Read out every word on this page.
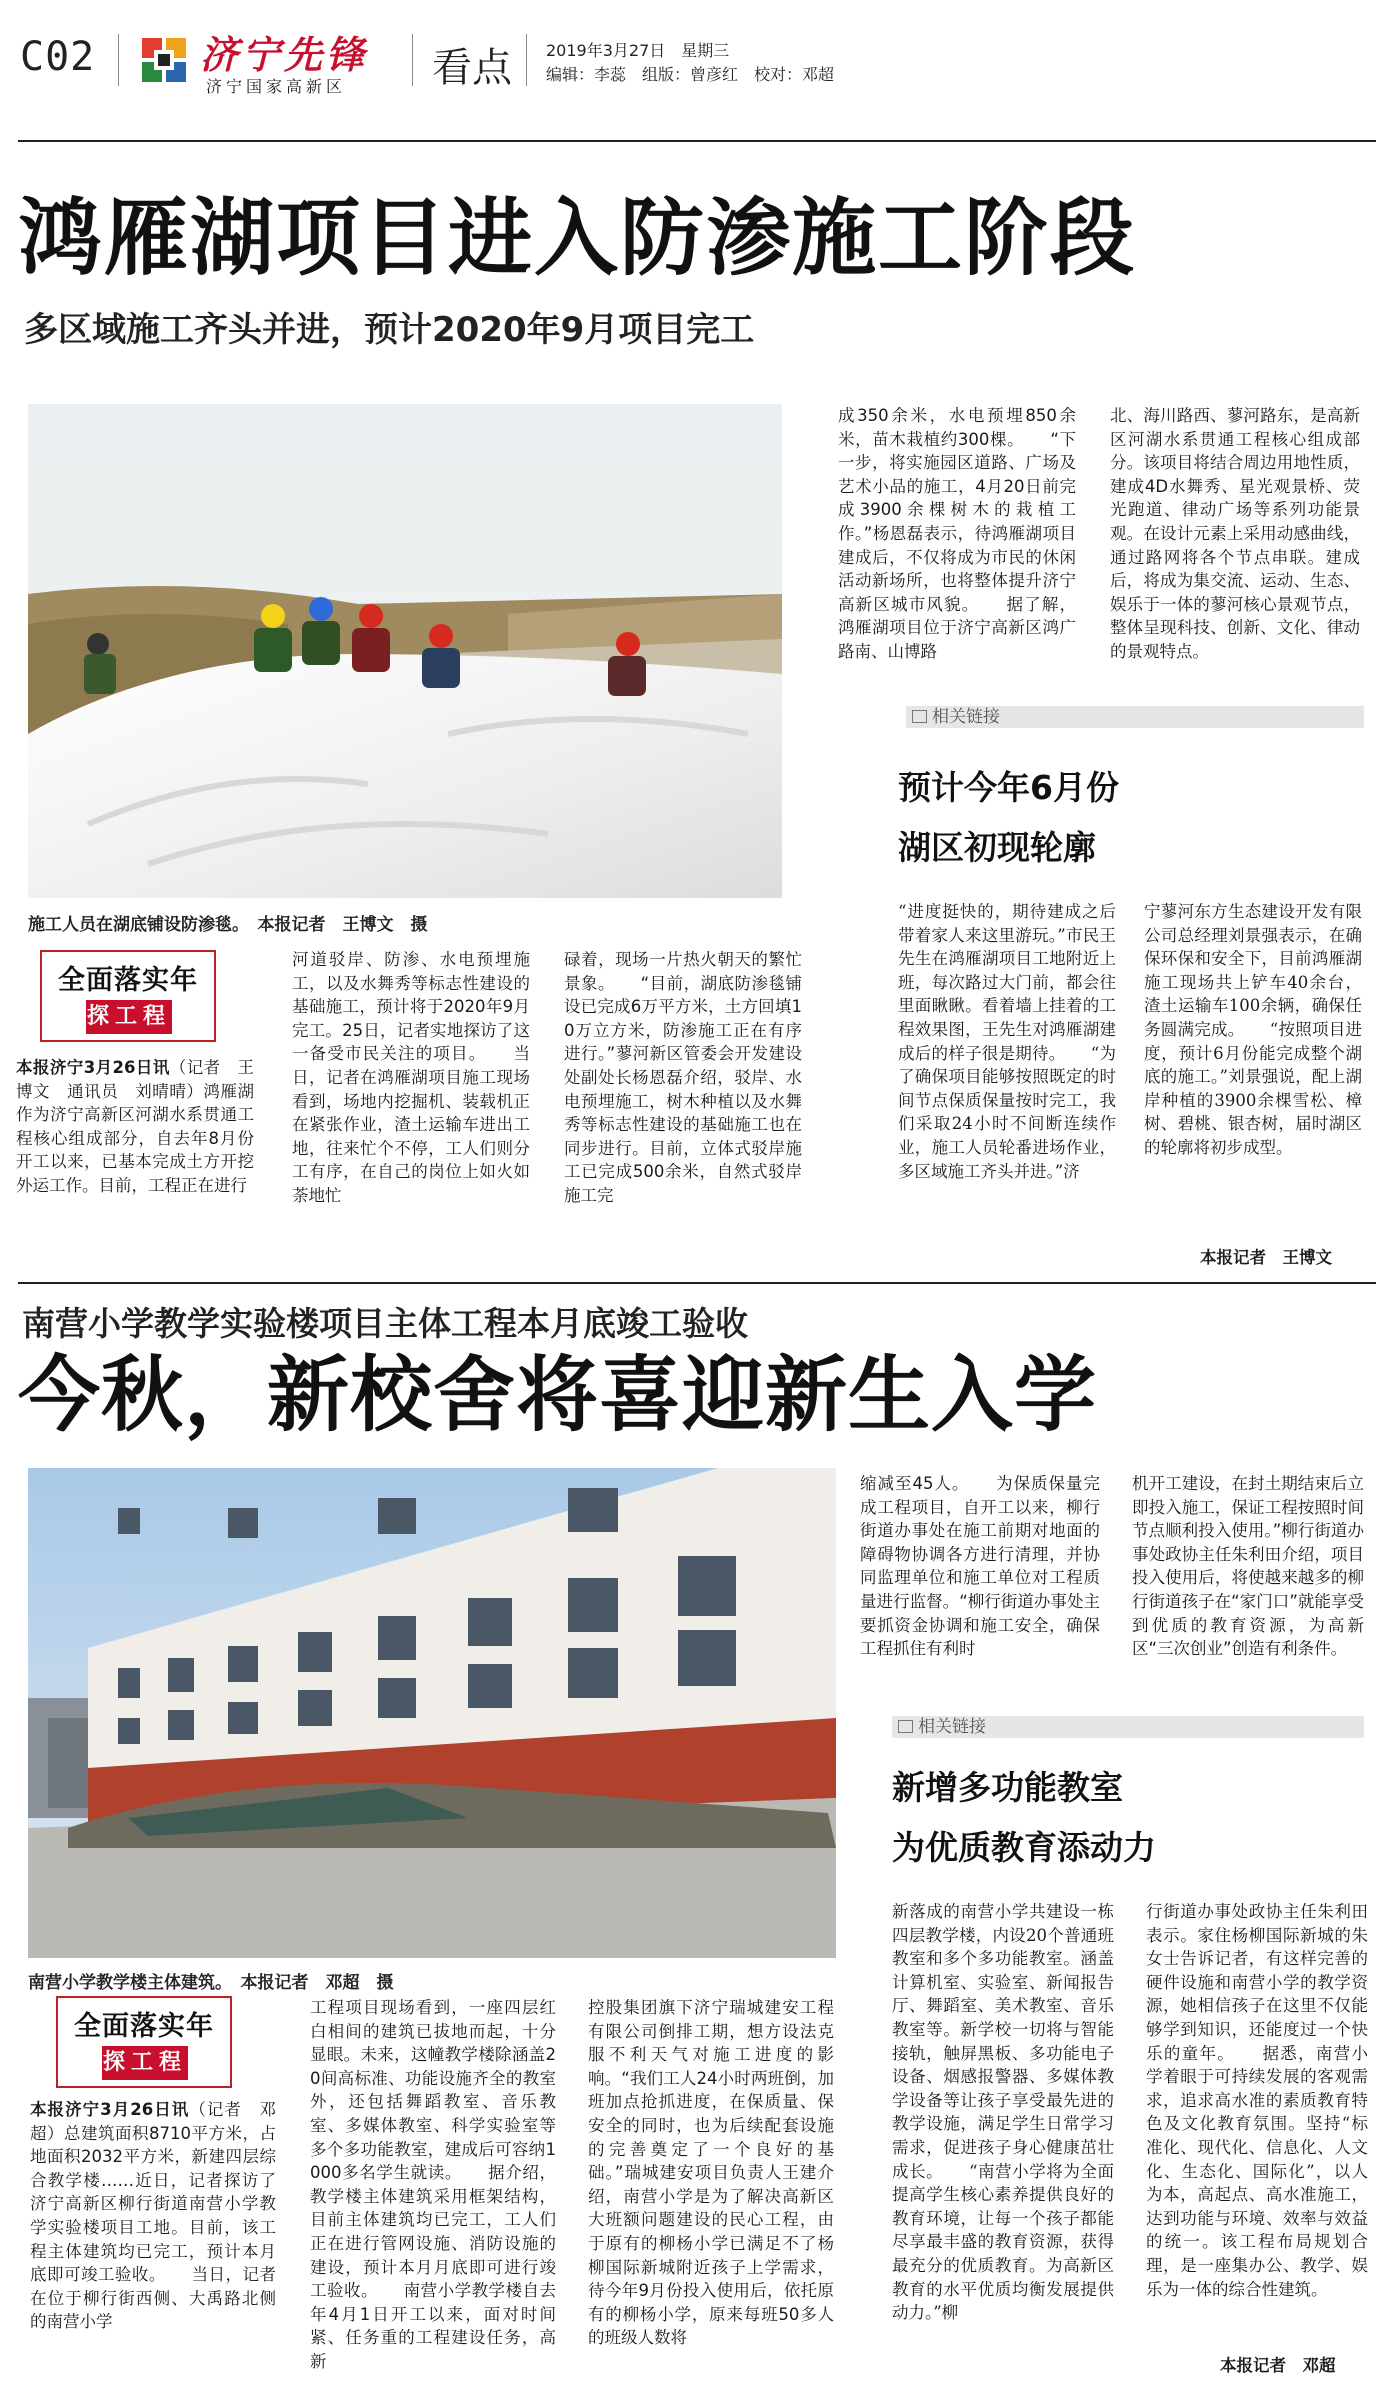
C02	济宁先锋
济宁国家高新区 看点 2019年3月27日　星期三
编辑：李蕊　组版：曾彦红　校对：邓超
鸿雁湖项目进入防渗施工阶段
多区域施工齐头并进，预计2020年9月项目完工
施工人员在湖底铺设防渗毯。　本报记者　王博文　摄
全面落实年
探工程
本报济宁3月26日讯（记者　王博文　通讯员　刘晴晴）鸿雁湖作为济宁高新区河湖水系贯通工程核心组成部分，自去年8月份开工以来，已基本完成土方开挖外运工作。目前，工程正在进行
河道驳岸、防渗、水电预埋施工，以及水舞秀等标志性建设的基础施工，预计将于2020年9月完工。25日，记者实地探访了这一备受市民关注的项目。　　当日，记者在鸿雁湖项目施工现场看到，场地内挖掘机、装载机正在紧张作业，渣土运输车进出工地，往来忙个不停，工人们则分工有序，在自己的岗位上如火如荼地忙
碌着，现场一片热火朝天的繁忙景象。　　“目前，湖底防渗毯铺设已完成6万平方米，土方回填10万立方米，防渗施工正在有序进行。”蓼河新区管委会开发建设处副处长杨恩磊介绍，驳岸、水电预埋施工，树木种植以及水舞秀等标志性建设的基础施工也在同步进行。目前，立体式驳岸施工已完成500余米，自然式驳岸施工完
成350余米，水电预埋850余米，苗木栽植约300棵。　　“下一步，将实施园区道路、广场及艺术小品的施工，4月20日前完成3900余棵树木的栽植工作。”杨恩磊表示，待鸿雁湖项目建成后，不仅将成为市民的休闲活动新场所，也将整体提升济宁高新区城市风貌。　　据了解，鸿雁湖项目位于济宁高新区鸿广路南、山博路
北、海川路西、蓼河路东，是高新区河湖水系贯通工程核心组成部分。该项目将结合周边用地性质，建成4D水舞秀、星光观景桥、荧光跑道、律动广场等系列功能景观。在设计元素上采用动感曲线，通过路网将各个节点串联。建成后，将成为集交流、运动、生态、娱乐于一体的蓼河核心景观节点，整体呈现科技、创新、文化、律动的景观特点。
相关链接
预计今年6月份
湖区初现轮廓
“进度挺快的，期待建成之后带着家人来这里游玩。”市民王先生在鸿雁湖项目工地附近上班，每次路过大门前，都会往里面瞅瞅。看着墙上挂着的工程效果图，王先生对鸿雁湖建成后的样子很是期待。　　“为了确保项目能够按照既定的时间节点保质保量按时完工，我们采取24小时不间断连续作业，施工人员轮番进场作业，多区域施工齐头并进。”济
宁蓼河东方生态建设开发有限公司总经理刘景强表示，在确保环保和安全下，目前鸿雁湖施工现场共上铲车40余台，渣土运输车100余辆，确保任务圆满完成。　　“按照项目进度，预计6月份能完成整个湖底的施工。”刘景强说，配上湖岸种植的3900余棵雪松、樟树、碧桃、银杏树，届时湖区的轮廓将初步成型。
本报记者　王博文
南营小学教学实验楼项目主体工程本月底竣工验收
今秋，新校舍将喜迎新生入学
南营小学教学楼主体建筑。　本报记者　邓超　摄
全面落实年
探工程
本报济宁3月26日讯（记者　邓超）总建筑面积8710平方米，占地面积2032平方米，新建四层综合教学楼……近日，记者探访了济宁高新区柳行街道南营小学教学实验楼项目工地。目前，该工程主体建筑均已完工，预计本月底即可竣工验收。　　当日，记者在位于柳行街西侧、大禹路北侧的南营小学
工程项目现场看到，一座四层红白相间的建筑已拔地而起，十分显眼。未来，这幢教学楼除涵盖20间高标准、功能设施齐全的教室外，还包括舞蹈教室、音乐教室、多媒体教室、科学实验室等多个多功能教室，建成后可容纳1000多名学生就读。　　据介绍，教学楼主体建筑采用框架结构，目前主体建筑均已完工，工人们正在进行管网设施、消防设施的建设，预计本月月底即可进行竣工验收。　　南营小学教学楼自去年4月1日开工以来，面对时间紧、任务重的工程建设任务，高新
控股集团旗下济宁瑞城建安工程有限公司倒排工期，想方设法克服不利天气对施工进度的影响。“我们工人24小时两班倒，加班加点抢抓进度，在保质量、保安全的同时，也为后续配套设施的完善奠定了一个良好的基础。”瑞城建安项目负责人王建介绍，南营小学是为了解决高新区大班额问题建设的民心工程，由于原有的柳杨小学已满足不了杨柳国际新城附近孩子上学需求，待今年9月份投入使用后，依托原有的柳杨小学，原来每班50多人的班级人数将
缩减至45人。　　为保质保量完成工程项目，自开工以来，柳行街道办事处在施工前期对地面的障碍物协调各方进行清理，并协同监理单位和施工单位对工程质量进行监督。“柳行街道办事处主要抓资金协调和施工安全，确保工程抓住有利时
机开工建设，在封土期结束后立即投入施工，保证工程按照时间节点顺利投入使用。”柳行街道办事处政协主任朱利田介绍，项目投入使用后，将使越来越多的柳行街道孩子在“家门口”就能享受到优质的教育资源，为高新区“三次创业”创造有利条件。
相关链接
新增多功能教室
为优质教育添动力
新落成的南营小学共建设一栋四层教学楼，内设20个普通班教室和多个多功能教室。涵盖计算机室、实验室、新闻报告厅、舞蹈室、美术教室、音乐教室等。新学校一切将与智能接轨，触屏黑板、多功能电子设备、烟感报警器、多媒体教学设备等让孩子享受最先进的教学设施，满足学生日常学习需求，促进孩子身心健康茁壮成长。　　“南营小学将为全面提高学生核心素养提供良好的教育环境，让每一个孩子都能尽享最丰盛的教育资源，获得最充分的优质教育。为高新区教育的水平优质均衡发展提供动力。”柳
行街道办事处政协主任朱利田表示。家住杨柳国际新城的朱女士告诉记者，有这样完善的硬件设施和南营小学的教学资源，她相信孩子在这里不仅能够学到知识，还能度过一个快乐的童年。　　据悉，南营小学着眼于可持续发展的客观需求，追求高水准的素质教育特色及文化教育氛围。坚持“标准化、现代化、信息化、人文化、生态化、国际化”，以人为本，高起点、高水准施工，达到功能与环境、效率与效益的统一。该工程布局规划合理，是一座集办公、教学、娱乐为一体的综合性建筑。
本报记者　邓超
